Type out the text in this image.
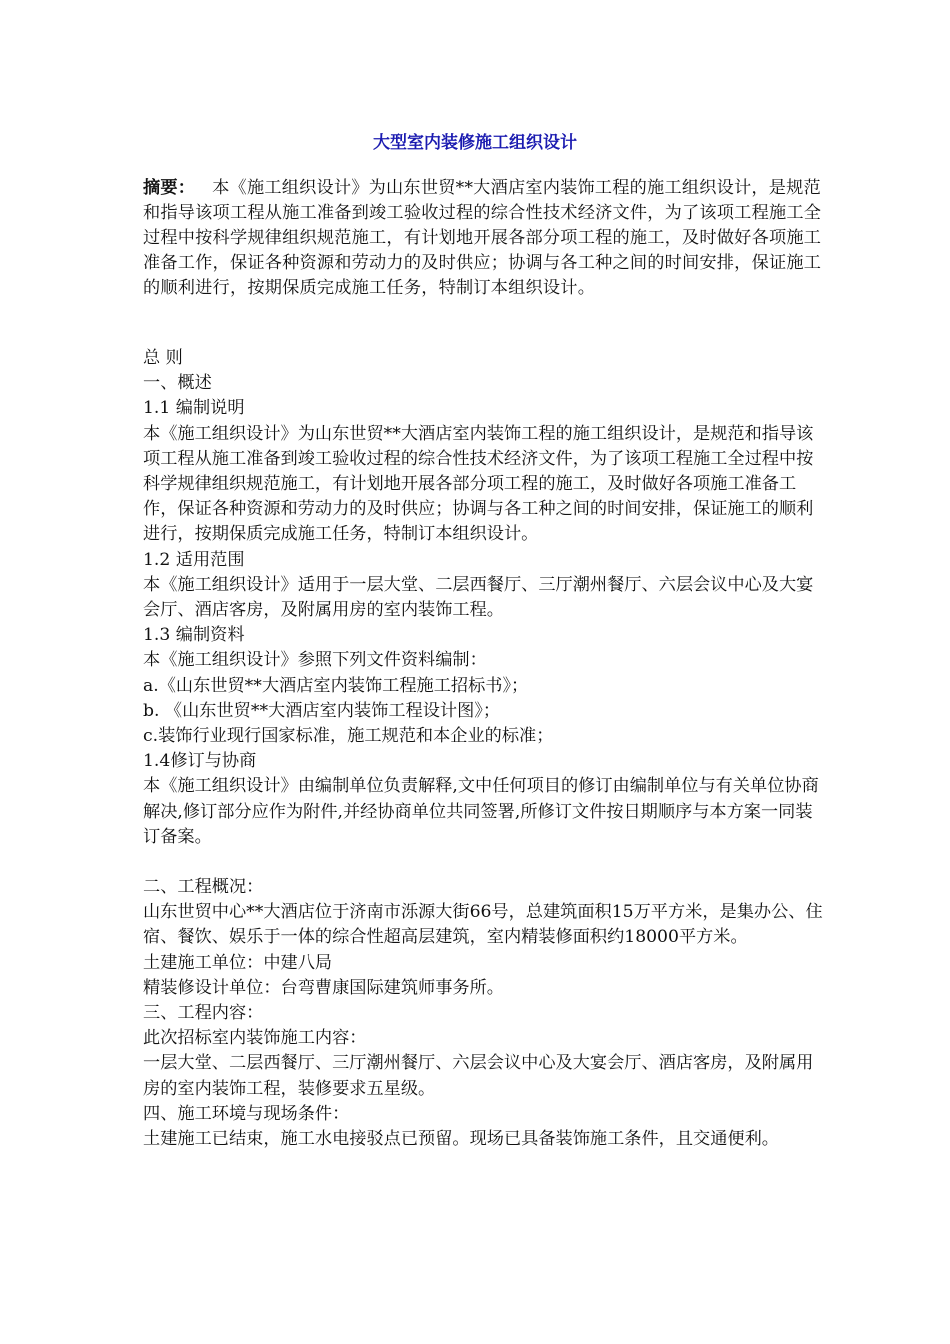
大型室内装修施工组织设计
摘要： 本《施工组织设计》为山东世贸**大酒店室内装饰工程的施工组织设计，是规范和指导该项工程从施工准备到竣工验收过程的综合性技术经济文件，为了该项工程施工全过程中按科学规律组织规范施工，有计划地开展各部分项工程的施工，及时做好各项施工准备工作，保证各种资源和劳动力的及时供应；协调与各工种之间的时间安排，保证施工的顺利进行，按期保质完成施工任务，特制订本组织设计。

总 则

一、概述

1.1 编制说明

本《施工组织设计》为山东世贸**大酒店室内装饰工程的施工组织设计，是规范和指导该项工程从施工准备到竣工验收过程的综合性技术经济文件，为了该项工程施工全过程中按科学规律组织规范施工，有计划地开展各部分项工程的施工，及时做好各项施工准备工作，保证各种资源和劳动力的及时供应；协调与各工种之间的时间安排，保证施工的顺利进行，按期保质完成施工任务，特制订本组织设计。

1.2 适用范围

本《施工组织设计》适用于一层大堂、二层西餐厅、三厅潮州餐厅、六层会议中心及大宴会厅、酒店客房，及附属用房的室内装饰工程。

1.3 编制资料

本《施工组织设计》参照下列文件资料编制：

a.《山东世贸**大酒店室内装饰工程施工招标书》；

b. 《山东世贸**大酒店室内装饰工程设计图》；

c.装饰行业现行国家标准，施工规范和本企业的标准；

1.4修订与协商

本《施工组织设计》由编制单位负责解释,文中任何项目的修订由编制单位与有关单位协商解决,修订部分应作为附件,并经协商单位共同签署,所修订文件按日期顺序与本方案一同装订备案。

二、工程概况：

山东世贸中心**大酒店位于济南市泺源大街66号，总建筑面积15万平方米，是集办公、住宿、餐饮、娱乐于一体的综合性超高层建筑，室内精装修面积约18000平方米。

土建施工单位：中建八局

精装修设计单位：台弯曹康国际建筑师事务所。

三、工程内容：

此次招标室内装饰施工内容：

一层大堂、二层西餐厅、三厅潮州餐厅、六层会议中心及大宴会厅、酒店客房，及附属用房的室内装饰工程，装修要求五星级。

四、施工环境与现场条件：

土建施工已结束，施工水电接驳点已预留。现场已具备装饰施工条件，且交通便利。
